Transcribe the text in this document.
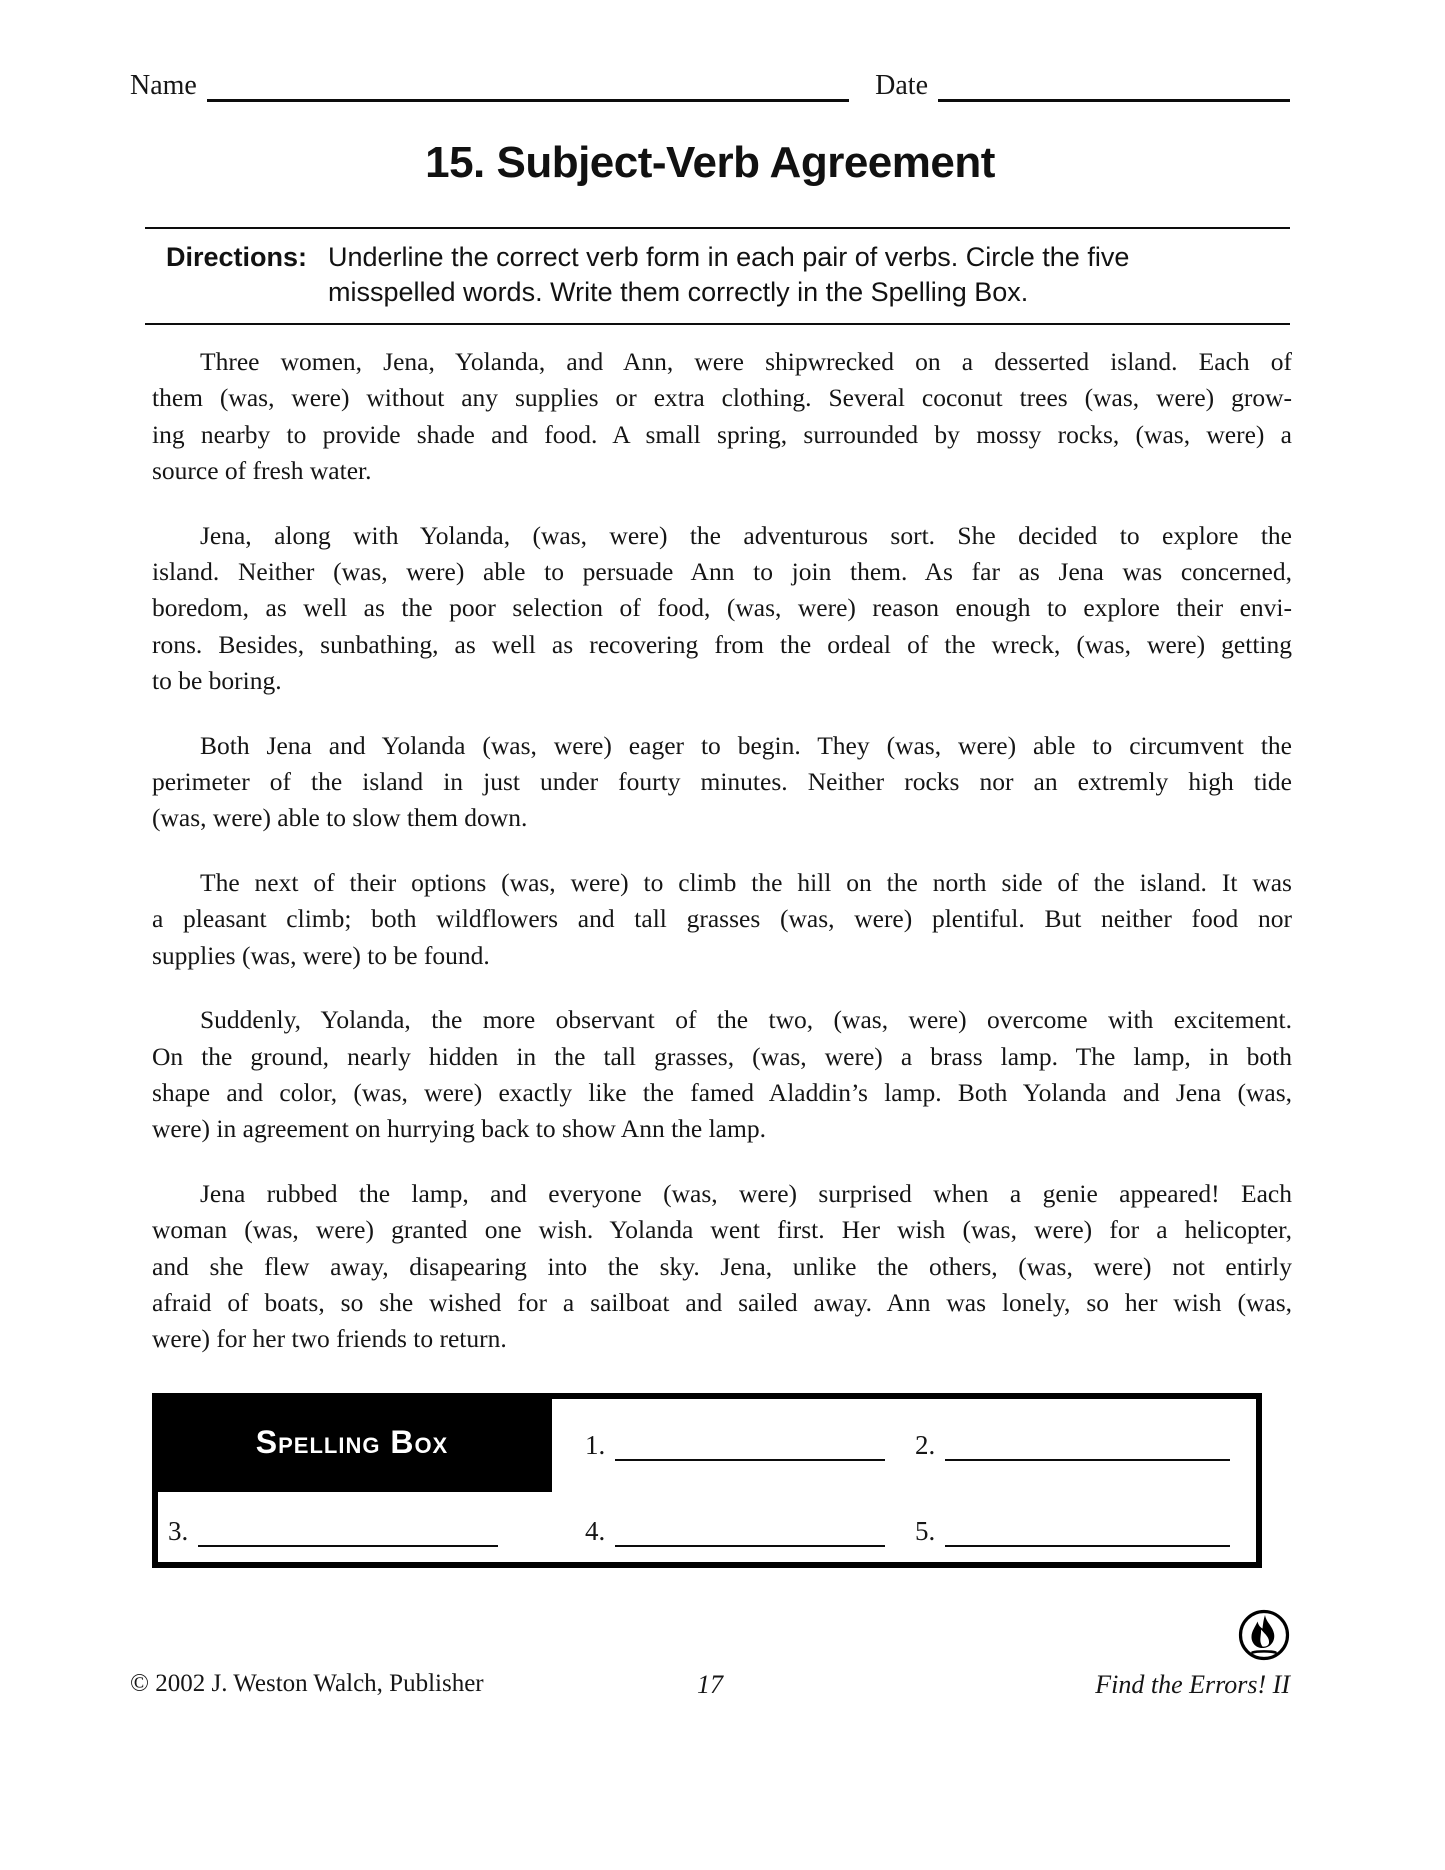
Name	Date
15. Subject-Verb Agreement
Directions: Underline the correct verb form in each pair of verbs. Circle the five
misspelled words. Write them correctly in the Spelling Box.
Three women, Jena, Yolanda, and Ann, were shipwrecked on a desserted island. Each of
them (was, were) without any supplies or extra clothing. Several coconut trees (was, were) grow-
ing nearby to provide shade and food. A small spring, surrounded by mossy rocks, (was, were) a
source of fresh water.
Jena, along with Yolanda, (was, were) the adventurous sort. She decided to explore the
island. Neither (was, were) able to persuade Ann to join them. As far as Jena was concerned,
boredom, as well as the poor selection of food, (was, were) reason enough to explore their envi-
rons. Besides, sunbathing, as well as recovering from the ordeal of the wreck, (was, were) getting
to be boring.
Both Jena and Yolanda (was, were) eager to begin. They (was, were) able to circumvent the
perimeter of the island in just under fourty minutes. Neither rocks nor an extremly high tide
(was, were) able to slow them down.
The next of their options (was, were) to climb the hill on the north side of the island. It was
a pleasant climb; both wildflowers and tall grasses (was, were) plentiful. But neither food nor
supplies (was, were) to be found.
Suddenly, Yolanda, the more observant of the two, (was, were) overcome with excitement.
On the ground, nearly hidden in the tall grasses, (was, were) a brass lamp. The lamp, in both
shape and color, (was, were) exactly like the famed Aladdin’s lamp. Both Yolanda and Jena (was,
were) in agreement on hurrying back to show Ann the lamp.
Jena rubbed the lamp, and everyone (was, were) surprised when a genie appeared! Each
woman (was, were) granted one wish. Yolanda went first. Her wish (was, were) for a helicopter,
and she flew away, disapearing into the sky. Jena, unlike the others, (was, were) not entirly
afraid of boats, so she wished for a sailboat and sailed away. Ann was lonely, so her wish (was,
were) for her two friends to return.
Spelling Box	1.	2.
3.	4.	5.
© 2002 J. Weston Walch, Publisher	17	Find the Errors! II
